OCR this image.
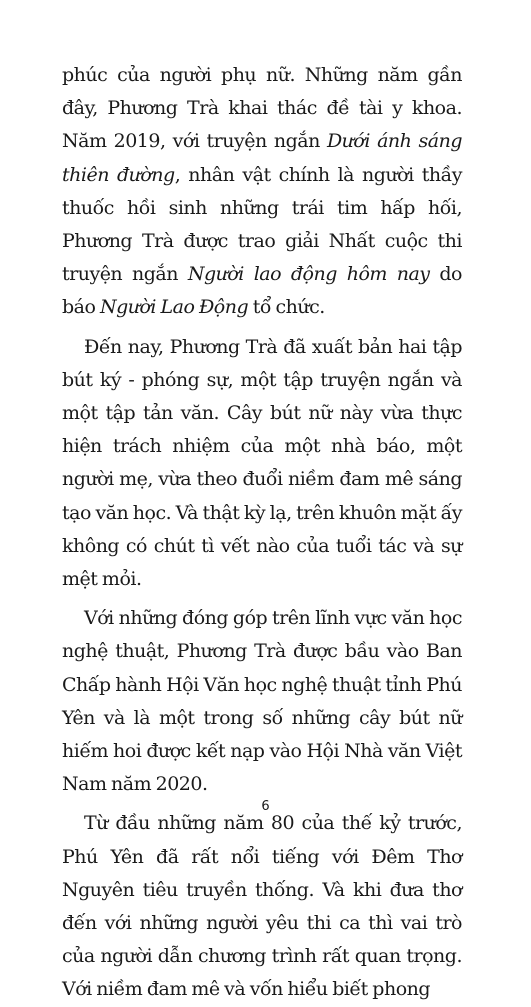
phúc của người phụ nữ. Những năm gần đây, Phương Trà khai thác đề tài y khoa. Năm 2019, với truyện ngắn Dưới ánh sáng thiên đường, nhân vật chính là người thầy thuốc hồi sinh những trái tim hấp hối, Phương Trà được trao giải Nhất cuộc thi truyện ngắn Người lao động hôm nay do báo Người Lao Động tổ chức.

Đến nay, Phương Trà đã xuất bản hai tập bút ký - phóng sự, một tập truyện ngắn và một tập tản văn. Cây bút nữ này vừa thực hiện trách nhiệm của một nhà báo, một người mẹ, vừa theo đuổi niềm đam mê sáng tạo văn học. Và thật kỳ lạ, trên khuôn mặt ấy không có chút tì vết nào của tuổi tác và sự mệt mỏi.

Với những đóng góp trên lĩnh vực văn học nghệ thuật, Phương Trà được bầu vào Ban Chấp hành Hội Văn học nghệ thuật tỉnh Phú Yên và là một trong số những cây bút nữ hiếm hoi được kết nạp vào Hội Nhà văn Việt Nam năm 2020.

Từ đầu những năm 80 của thế kỷ trước, Phú Yên đã rất nổi tiếng với Đêm Thơ Nguyên tiêu truyền thống. Và khi đưa thơ đến với những người yêu thi ca thì vai trò của người dẫn chương trình rất quan trọng. Với niềm đam mê và vốn hiểu biết phong

6
